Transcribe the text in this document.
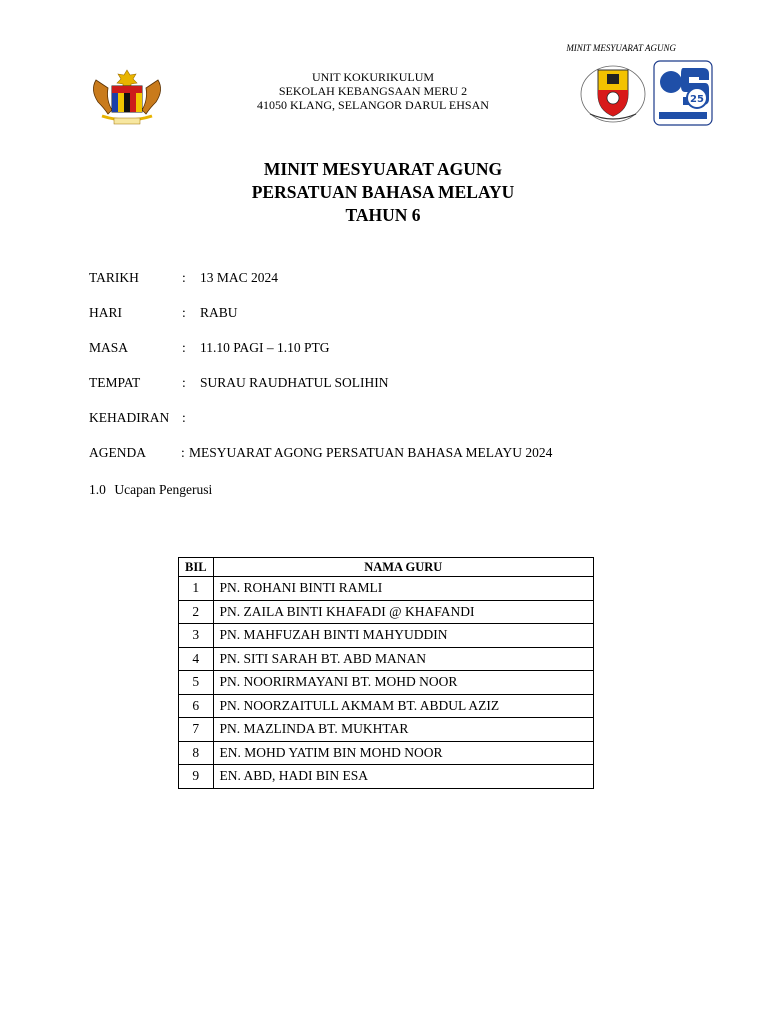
MINIT MESYUARAT AGUNG
UNIT KOKURIKULUM
SEKOLAH KEBANGSAAN MERU 2
41050 KLANG, SELANGOR DARUL EHSAN	25
MINIT MESYUARAT AGUNG
PERSATUAN BAHASA MELAYU
TAHUN 6
TARIKH	: 13 MAC 2024
HARI	: RABU
MASA	: 11.10 PAGI – 1.10 PTG
TEMPAT	: SURAU RAUDHATUL SOLIHIN
KEHADIRAN :
AGENDA	: MESYUARAT AGONG PERSATUAN BAHASA MELAYU 2024
1.0 Ucapan Pengerusi
BIL	NAMA GURU
1	PN. ROHANI BINTI RAMLI
2	PN. ZAILA BINTI KHAFADI @ KHAFANDI
3	PN. MAHFUZAH BINTI MAHYUDDIN
4	PN. SITI SARAH BT. ABD MANAN
5	PN. NOORIRMAYANI BT. MOHD NOOR
6	PN. NOORZAITULL AKMAM BT. ABDUL AZIZ
7	PN. MAZLINDA BT. MUKHTAR
8	EN. MOHD YATIM BIN MOHD NOOR
9	EN. ABD, HADI BIN ESA
